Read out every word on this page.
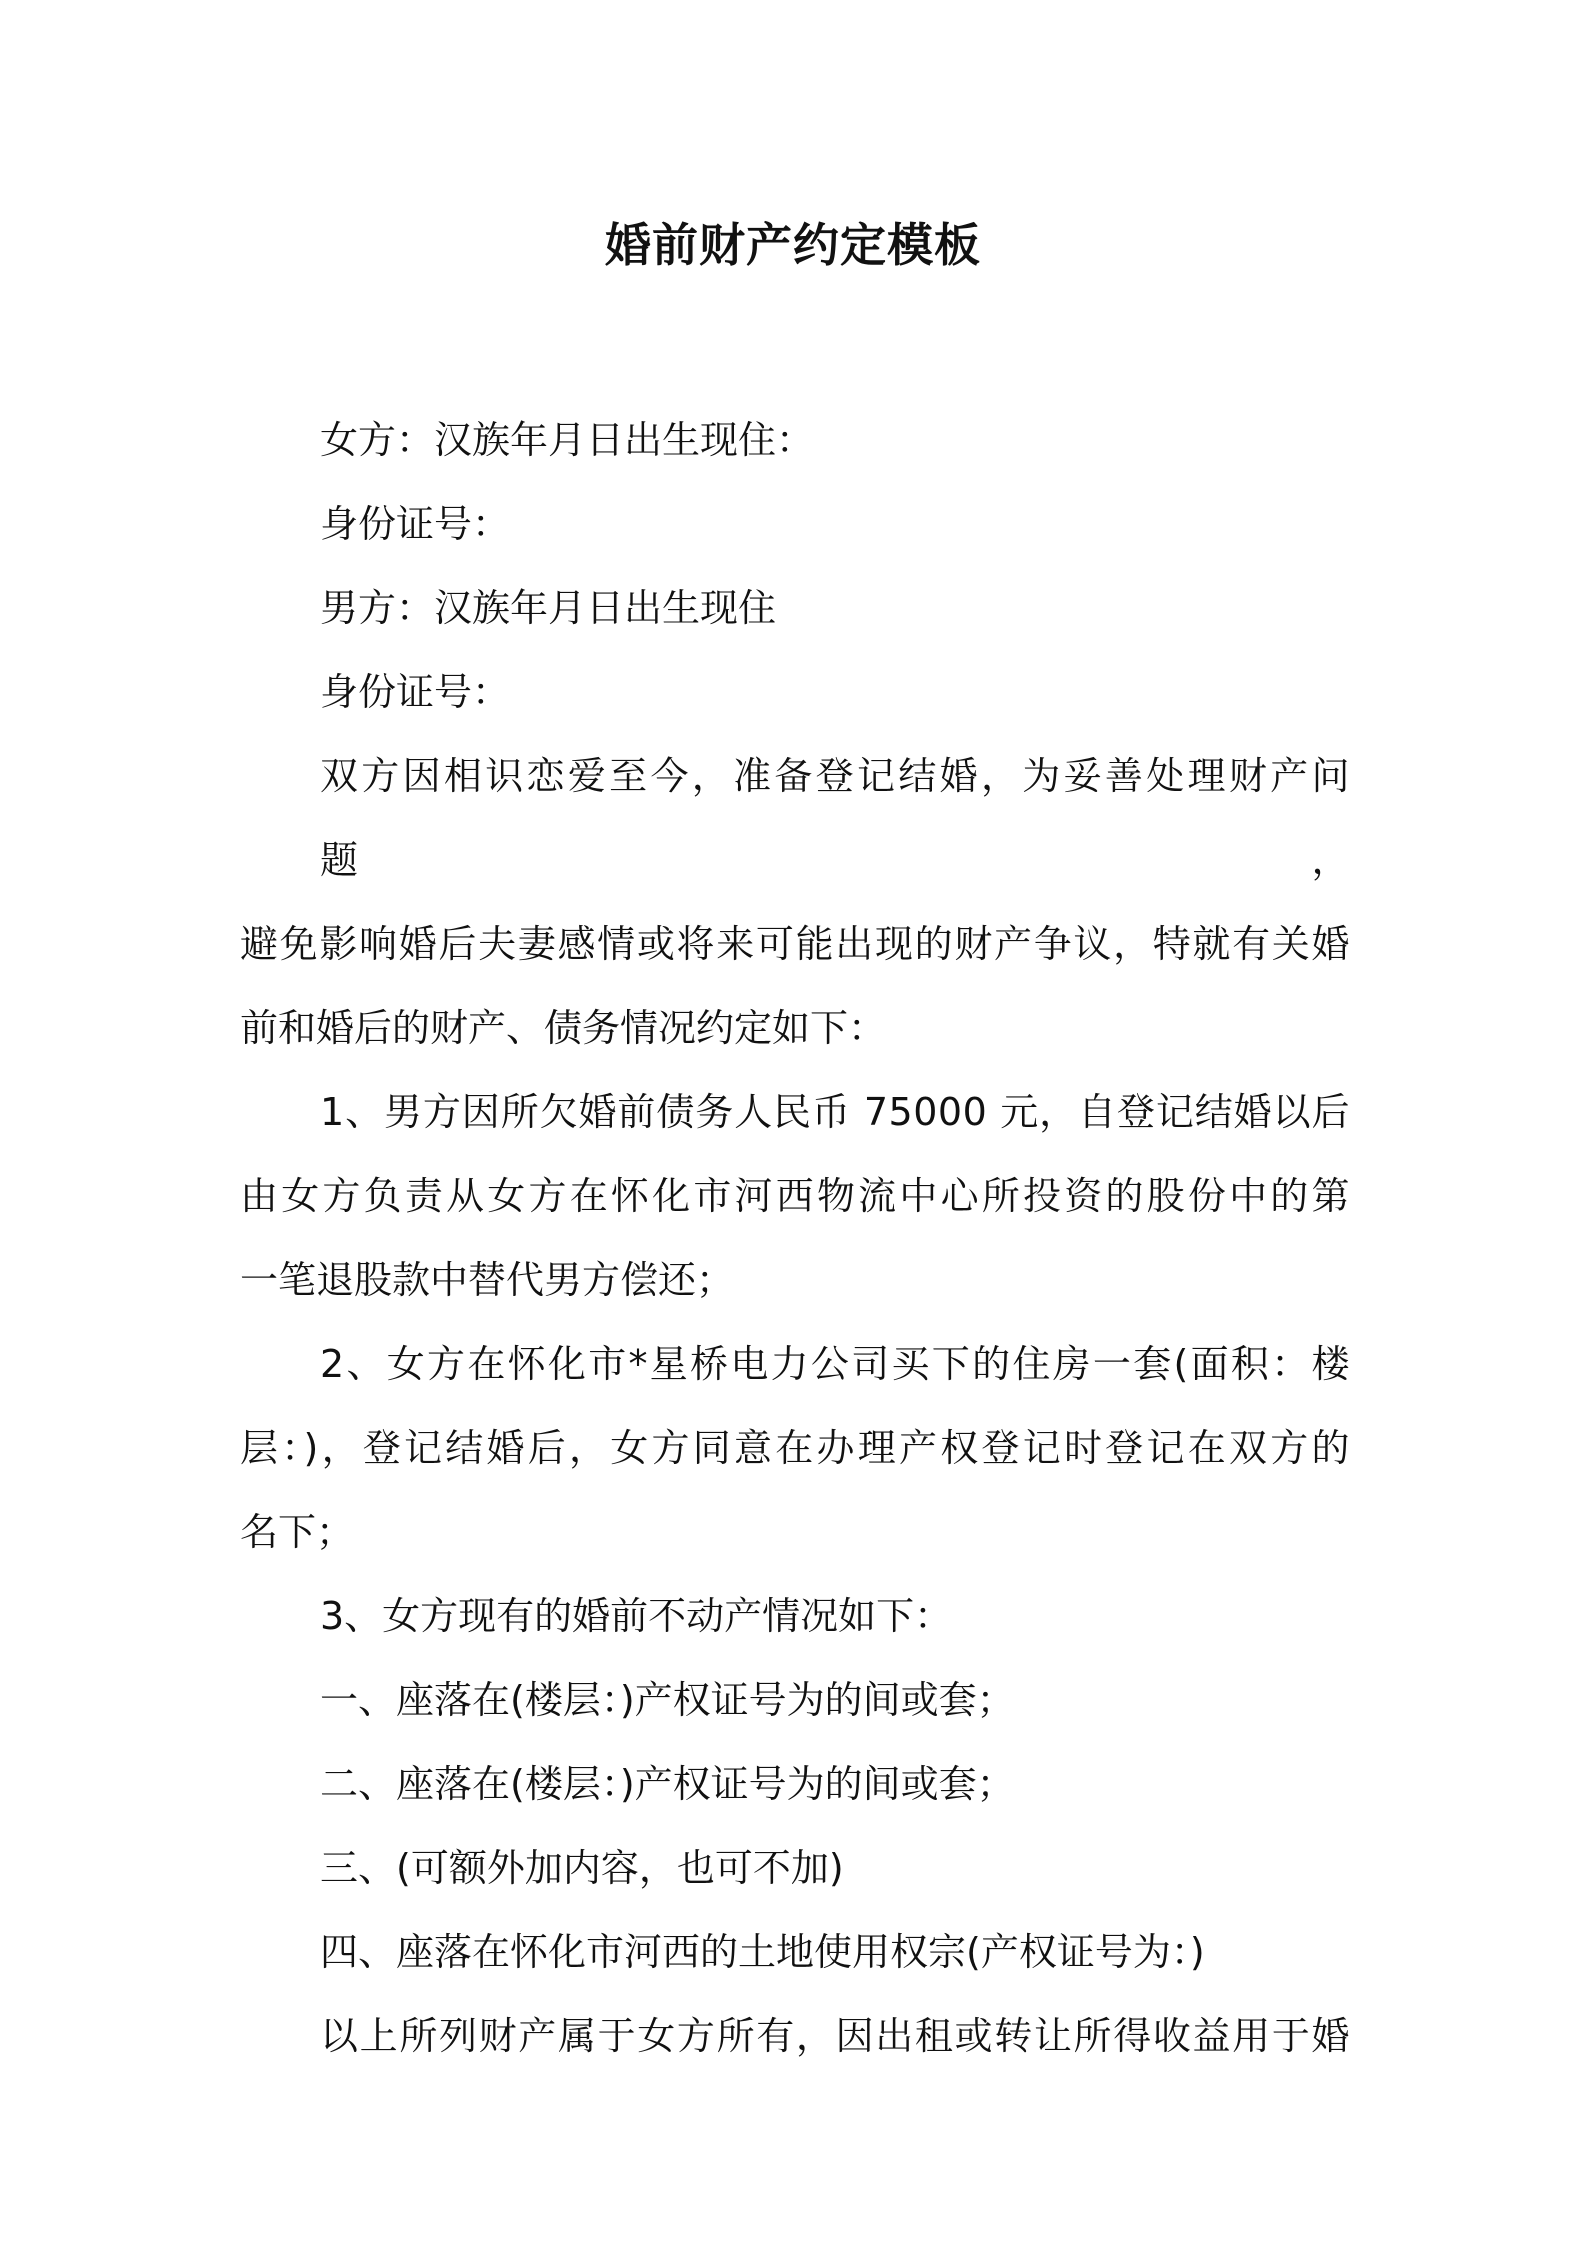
婚前财产约定模板

女方：汉族年月日出生现住：

身份证号：

男方：汉族年月日出生现住

身份证号：

双方因相识恋爱至今，准备登记结婚，为妥善处理财产问题，

避免影响婚后夫妻感情或将来可能出现的财产争议，特就有关婚

前和婚后的财产、债务情况约定如下：

1、男方因所欠婚前债务人民币 75000 元，自登记结婚以后

由女方负责从女方在怀化市河西物流中心所投资的股份中的第

一笔退股款中替代男方偿还；

2、女方在怀化市*星桥电力公司买下的住房一套(面积：楼

层：)，登记结婚后，女方同意在办理产权登记时登记在双方的

名下；

3、女方现有的婚前不动产情况如下：

一、座落在(楼层：)产权证号为的间或套；

二、座落在(楼层：)产权证号为的间或套；

三、(可额外加内容，也可不加)

四、座落在怀化市河西的土地使用权宗(产权证号为：)

以上所列财产属于女方所有，因出租或转让所得收益用于婚
